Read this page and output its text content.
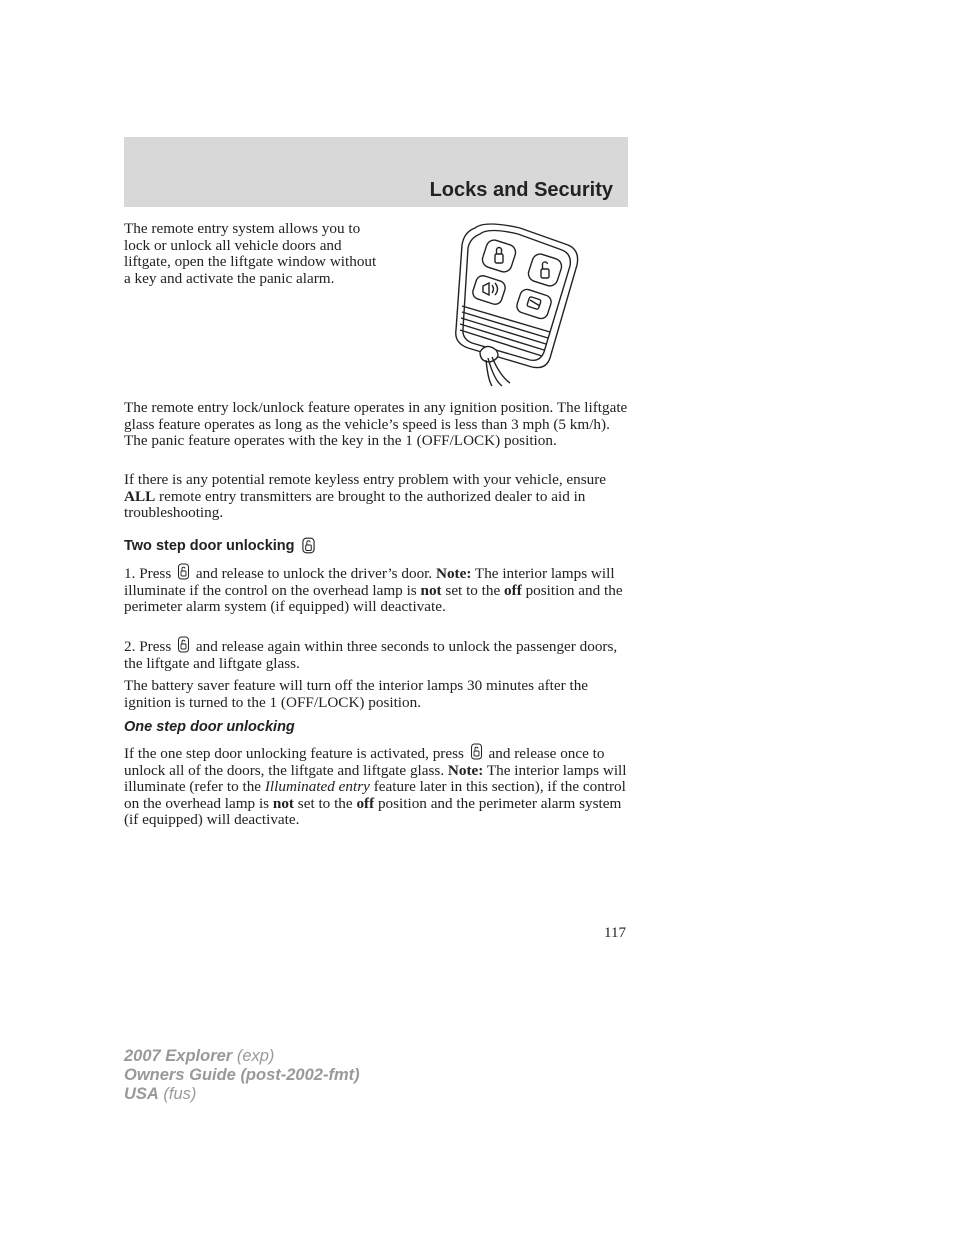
Locks and Security
The remote entry system allows you to lock or unlock all vehicle doors and liftgate, open the liftgate window without a key and activate the panic alarm.
The remote entry lock/unlock feature operates in any ignition position. The liftgate glass feature operates as long as the vehicle’s speed is less than 3 mph (5 km/h). The panic feature operates with the key in the 1 (OFF/LOCK) position.
If there is any potential remote keyless entry problem with your vehicle, ensure ALL remote entry transmitters are brought to the authorized dealer to aid in troubleshooting.
Two step door unlocking
1. Press and release to unlock the driver’s door. Note: The interior lamps will illuminate if the control on the overhead lamp is not set to the off position and the perimeter alarm system (if equipped) will deactivate.
2. Press and release again within three seconds to unlock the passenger doors, the liftgate and liftgate glass.
The battery saver feature will turn off the interior lamps 30 minutes after the ignition is turned to the 1 (OFF/LOCK) position.
One step door unlocking
If the one step door unlocking feature is activated, press and release once to unlock all of the doors, the liftgate and liftgate glass. Note: The interior lamps will illuminate (refer to the Illuminated entry feature later in this section), if the control on the overhead lamp is not set to the off position and the perimeter alarm system (if equipped) will deactivate.
117
2007 Explorer (exp)
Owners Guide (post-2002-fmt)
USA (fus)
